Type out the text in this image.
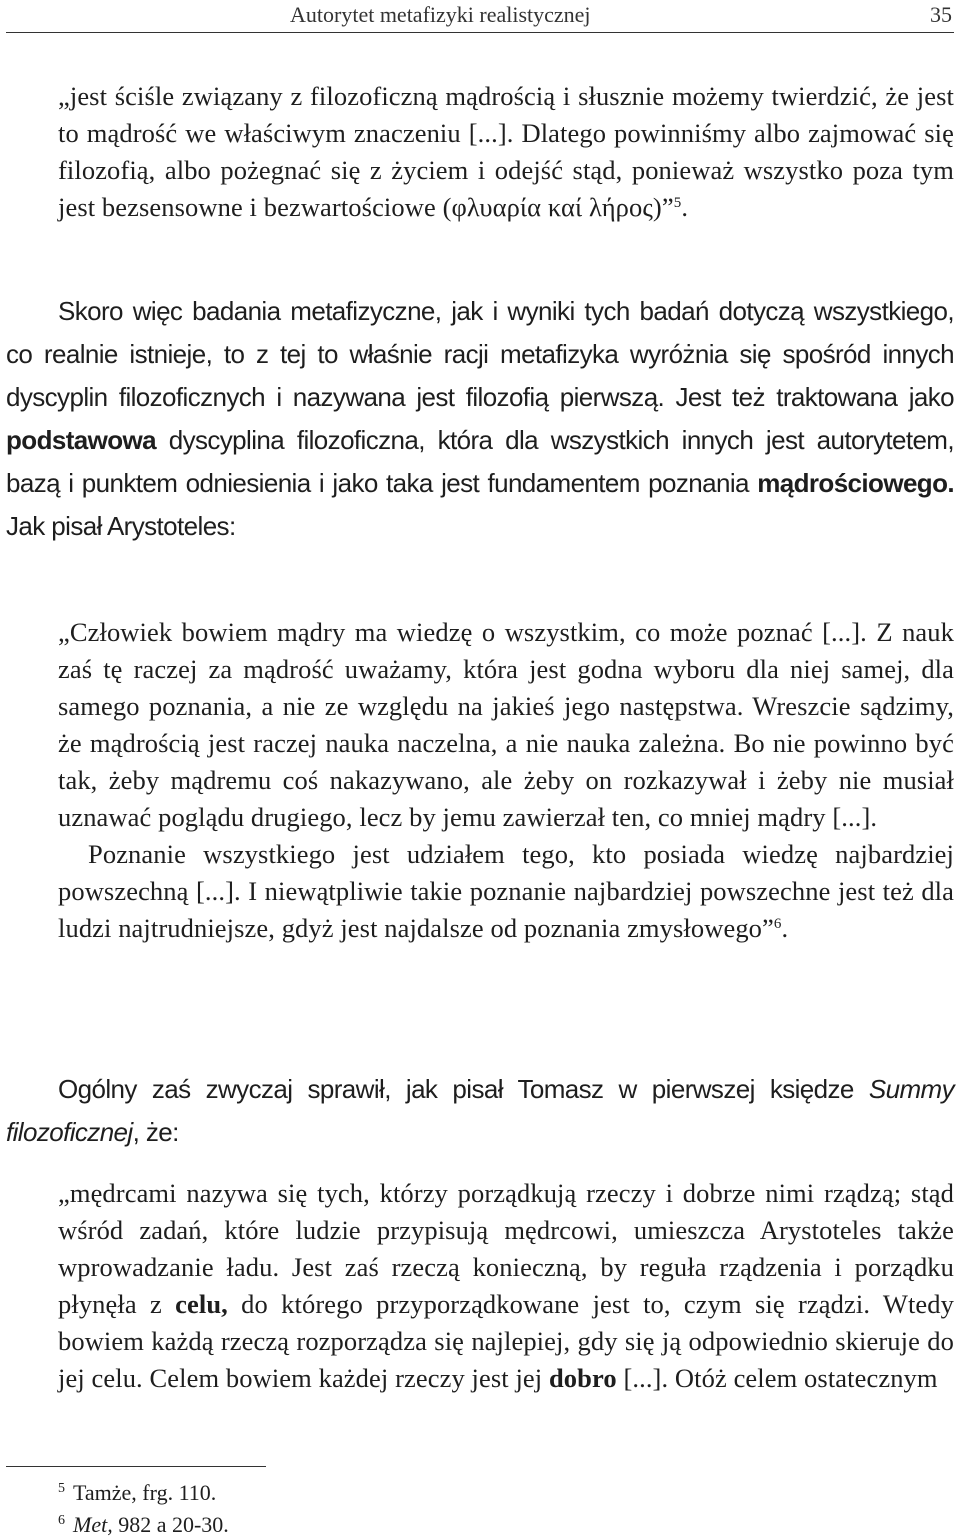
Autorytet metafizyki realistycznej	35
„jest ściśle związany z filozoficzną mądrością i słusznie możemy twierdzić, że jest to mądrość we właściwym znaczeniu [...]. Dlatego powinniśmy albo zajmować się filozofią, albo pożegnać się z życiem i odejść stąd, ponieważ wszystko poza tym jest bezsensowne i bezwartościowe (φλυαρία καί λήρος)”$^5$.

Skoro więc badania metafizyczne, jak i wyniki tych badań dotyczą wszystkiego, co realnie istnieje, to z tej to właśnie racji metafizyka wyróżnia się spośród innych dyscyplin filozoficznych i nazywana jest filozofią pierwszą. Jest też traktowana jako podstawowa dyscyplina filozoficzna, która dla wszystkich innych jest autorytetem, bazą i punktem odniesienia i jako taka jest fundamentem poznania mądrościowego. Jak pisał Arystoteles:

„Człowiek bowiem mądry ma wiedzę o wszystkim, co może poznać [...]. Z nauk zaś tę raczej za mądrość uważamy, która jest godna wyboru dla niej samej, dla samego poznania, a nie ze względu na jakieś jego następstwa. Wreszcie sądzimy, że mądrością jest raczej nauka naczelna, a nie nauka zależna. Bo nie powinno być tak, żeby mądremu coś nakazywano, ale żeby on rozkazywał i żeby nie musiał uznawać poglądu drugiego, lecz by jemu zawierzał ten, co mniej mądry [...].

Poznanie wszystkiego jest udziałem tego, kto posiada wiedzę najbardziej powszechną [...]. I niewątpliwie takie poznanie najbardziej powszechne jest też dla ludzi najtrudniejsze, gdyż jest najdalsze od poznania zmysłowego”$^6$.

Ogólny zaś zwyczaj sprawił, jak pisał Tomasz w pierwszej księdze Summy filozoficznej, że:

„mędrcami nazywa się tych, którzy porządkują rzeczy i dobrze nimi rządzą; stąd wśród zadań, które ludzie przypisują mędrcowi, umieszcza Arystoteles także wprowadzanie ładu. Jest zaś rzeczą konieczną, by reguła rządzenia i porządku płynęła z celu, do którego przyporządkowane jest to, czym się rządzi. Wtedy bowiem każdą rzeczą rozporządza się najlepiej, gdy się ją odpowiednio skieruje do jej celu. Celem bowiem każdej rzeczy jest jej dobro [...]. Otóż celem ostatecznym
$^5$ Tamże, frg. 110.
$^6$ Met, 982 a 20-30.
